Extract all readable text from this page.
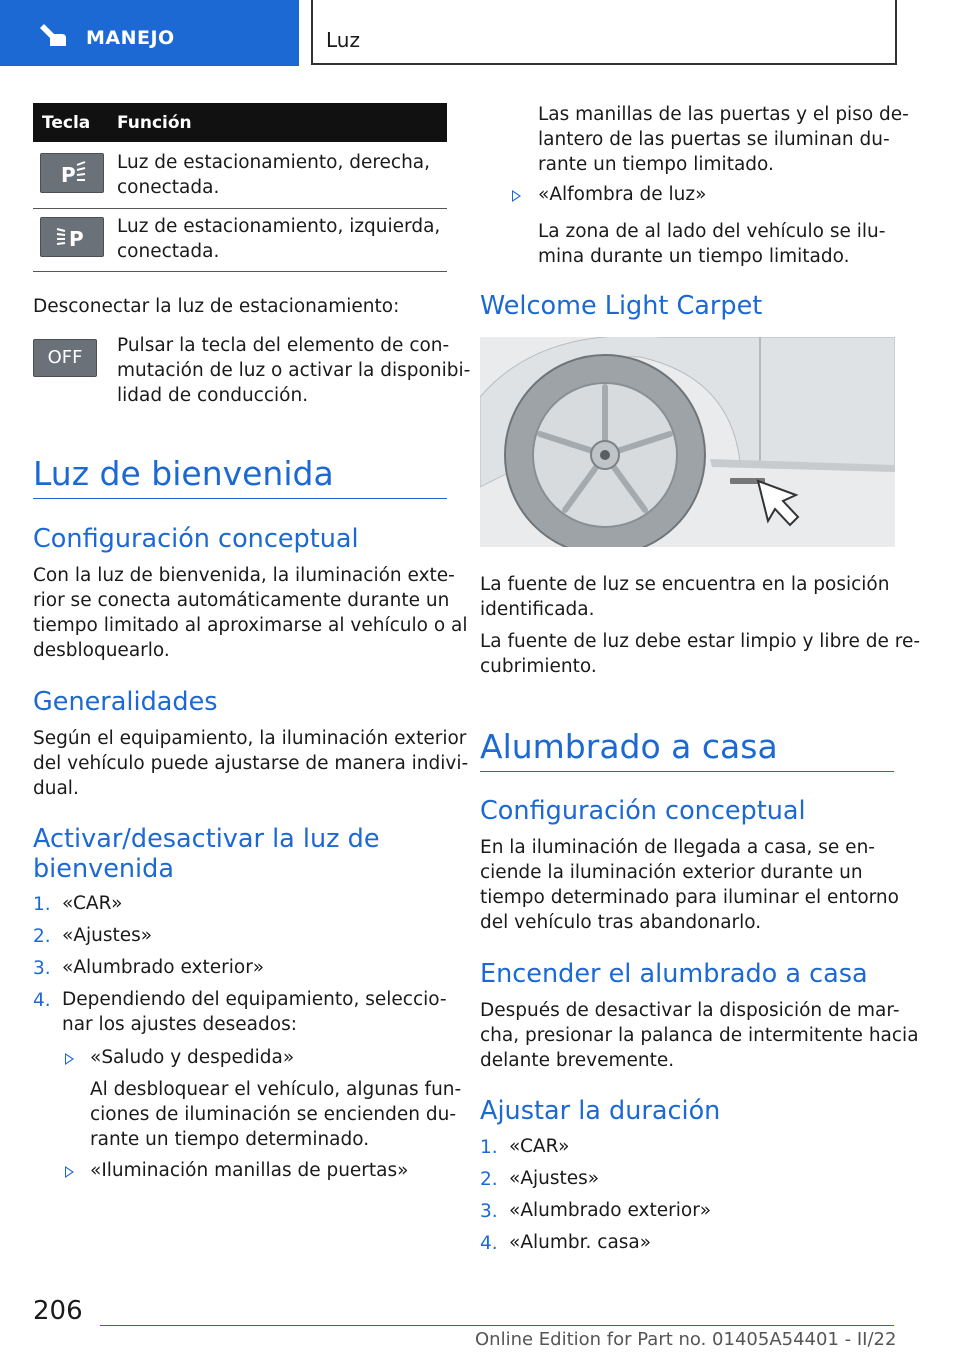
MANEJO	Luz
Tecla Función
P
Luz de estacionamiento, derecha,
conectada.
P
Luz de estacionamiento, izquierda,
conectada.
Desconectar la luz de estacionamiento:
OFF
Pulsar la tecla del elemento de con-
mutación de luz o activar la disponibi-
lidad de conducción.
Luz de bienvenida
Configuración conceptual
Con la luz de bienvenida, la iluminación exte-
rior se conecta automáticamente durante un
tiempo limitado al aproximarse al vehículo o al
desbloquearlo.
Generalidades
Según el equipamiento, la iluminación exterior
del vehículo puede ajustarse de manera indivi-
dual.
Activar/desactivar la luz de
bienvenida
1. «CAR»
2. «Ajustes»
3. «Alumbrado exterior»
4. Dependiendo del equipamiento, seleccio-
nar los ajustes deseados:
«Saludo y despedida»
Al desbloquear el vehículo, algunas fun-
ciones de iluminación se encienden du-
rante un tiempo determinado.
«Iluminación manillas de puertas»
Las manillas de las puertas y el piso de-
lantero de las puertas se iluminan du-
rante un tiempo limitado.
«Alfombra de luz»
La zona de al lado del vehículo se ilu-
mina durante un tiempo limitado.
Welcome Light Carpet
La fuente de luz se encuentra en la posición
identificada.
La fuente de luz debe estar limpio y libre de re-
cubrimiento.
Alumbrado a casa
Configuración conceptual
En la iluminación de llegada a casa, se en-
ciende la iluminación exterior durante un
tiempo determinado para iluminar el entorno
del vehículo tras abandonarlo.
Encender el alumbrado a casa
Después de desactivar la disposición de mar-
cha, presionar la palanca de intermitente hacia
delante brevemente.
Ajustar la duración
1. «CAR»
2. «Ajustes»
3. «Alumbrado exterior»
4. «Alumbr. casa»
206
Online Edition for Part no. 01405A54401 - II/22
